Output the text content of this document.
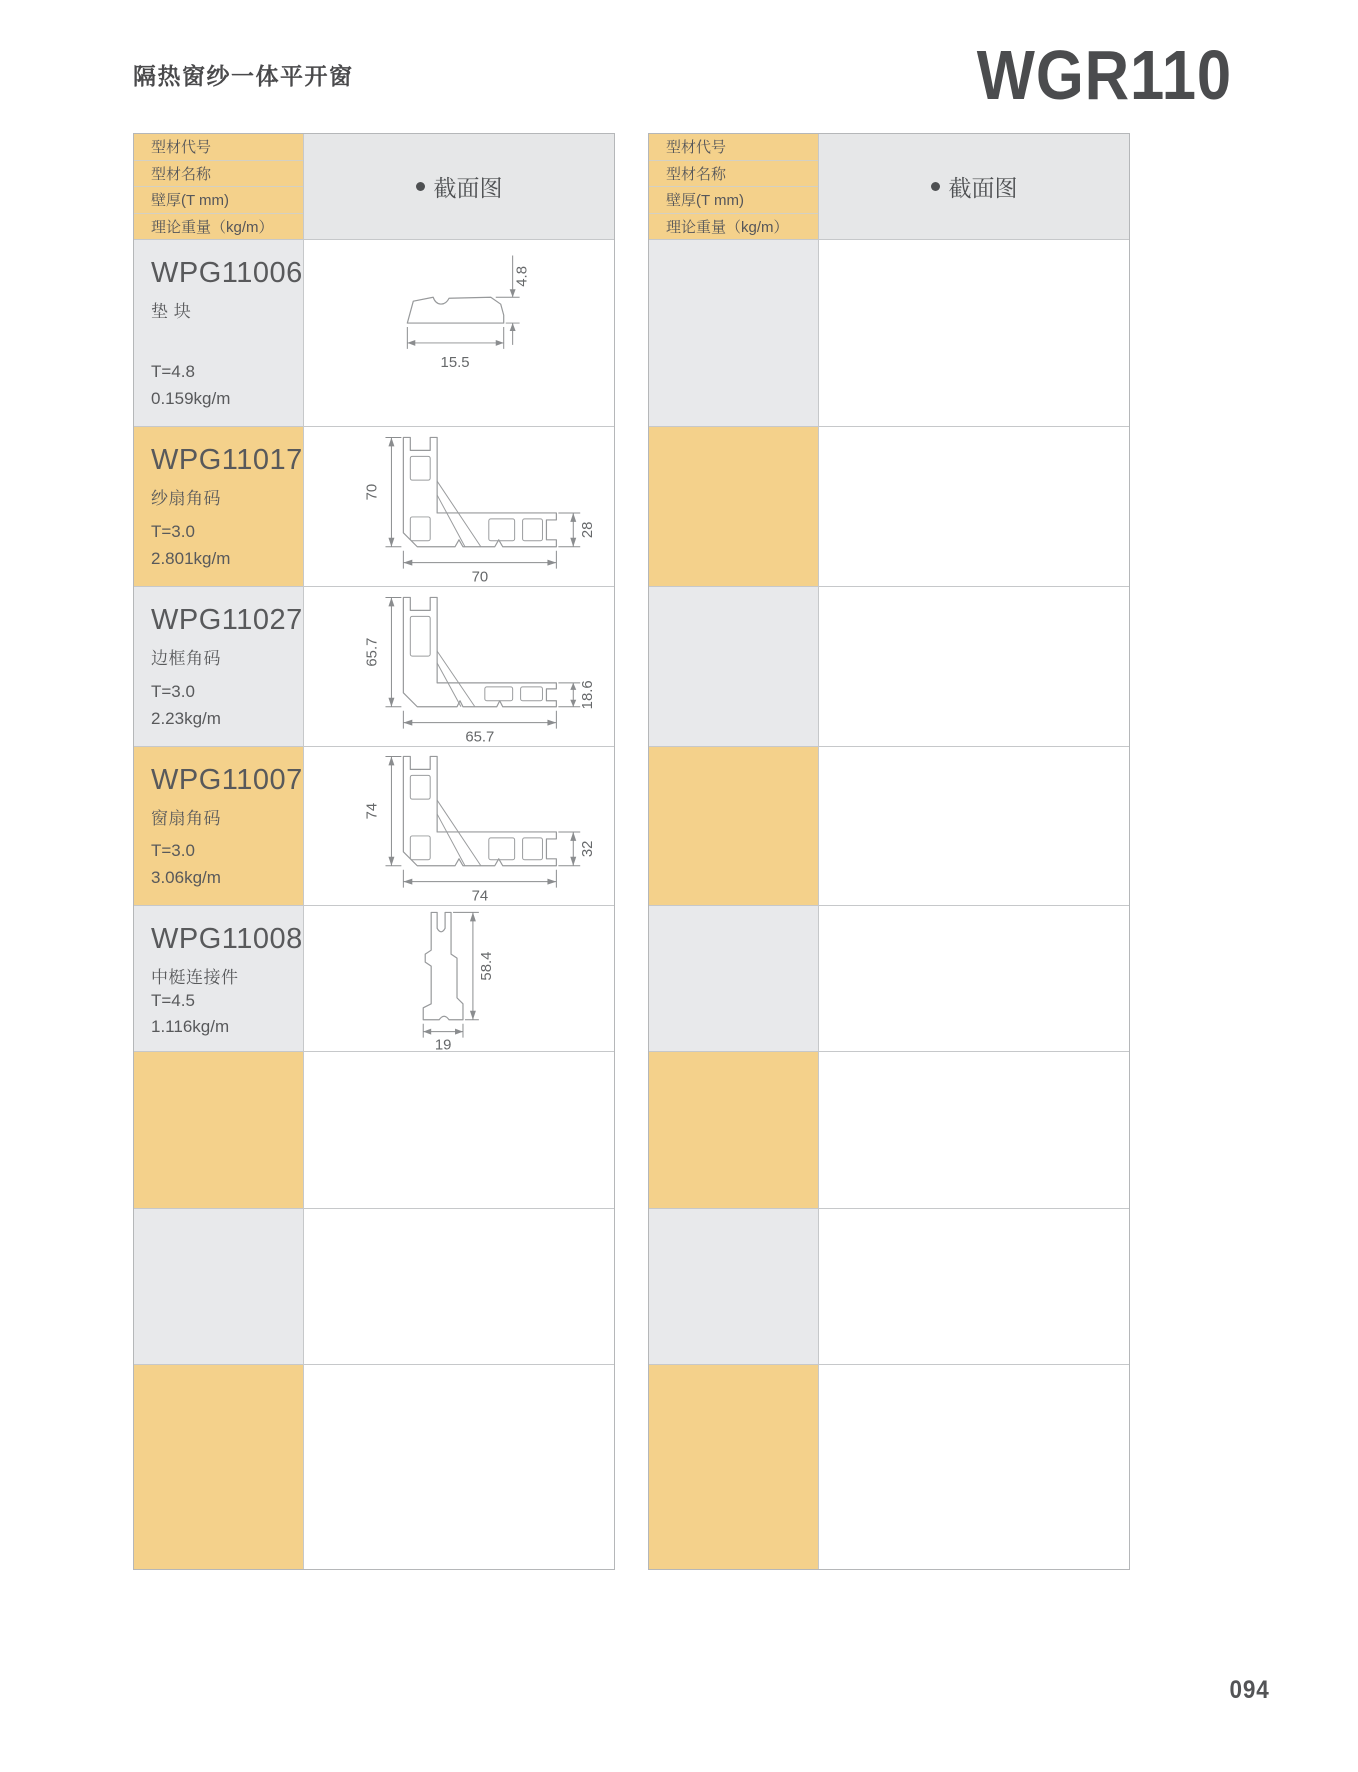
隔热窗纱一体平开窗	WGR110
型材代号
型材名称
壁厚(T mm)
理论重量（kg/m）
截面图
WPG11006
垫 块
T=4.8
0.159kg/m
4.8
15.5
WPG11017
纱扇角码
T=3.0
2.801kg/m
70
28
70
WPG11027
边框角码
T=3.0
2.23kg/m
65.7
18.6
65.7
WPG11007
窗扇角码
T=3.0
3.06kg/m
74
32
74
WPG11008
中梃连接件
T=4.5
1.116kg/m
58.4
19
型材代号
型材名称
壁厚(T mm)
理论重量（kg/m）
截面图
094
